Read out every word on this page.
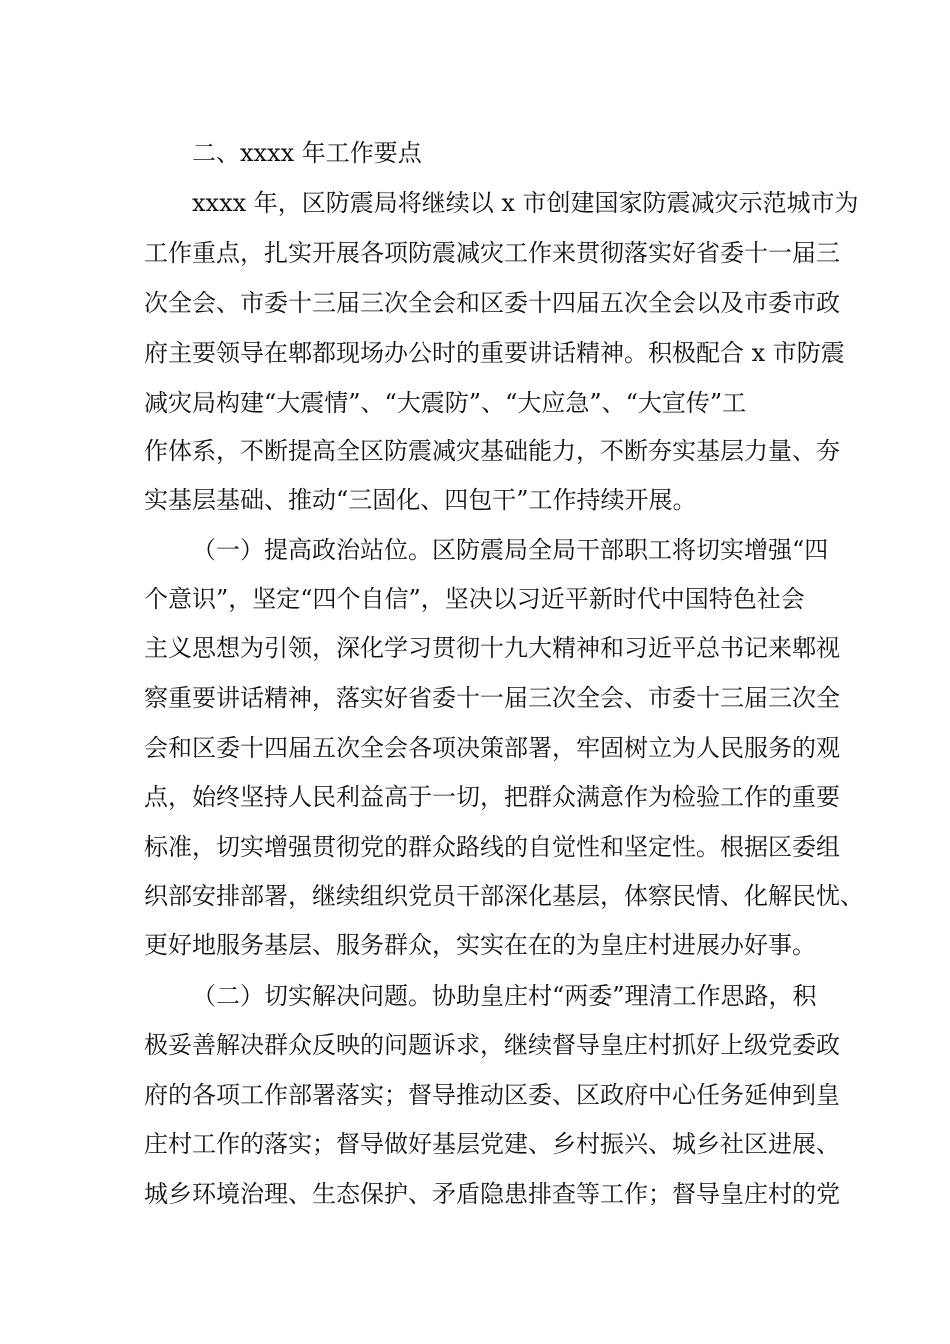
二、xxxx 年工作要点
xxxx 年，区防震局将继续以 x 市创建国家防震减灾示范城市为
工作重点，扎实开展各项防震减灾工作来贯彻落实好省委十一届三
次全会、市委十三届三次全会和区委十四届五次全会以及市委市政
府主要领导在郫都现场办公时的重要讲话精神。积极配合 x 市防震
减灾局构建“大震情”、“大震防”、“大应急”、“大宣传”工
作体系，不断提高全区防震减灾基础能力，不断夯实基层力量、夯
实基层基础、推动“三固化、四包干”工作持续开展。
（一）提高政治站位。区防震局全局干部职工将切实增强“四
个意识”，坚定“四个自信”，坚决以习近平新时代中国特色社会
主义思想为引领，深化学习贯彻十九大精神和习近平总书记来郫视
察重要讲话精神，落实好省委十一届三次全会、市委十三届三次全
会和区委十四届五次全会各项决策部署，牢固树立为人民服务的观
点，始终坚持人民利益高于一切，把群众满意作为检验工作的重要
标准，切实增强贯彻党的群众路线的自觉性和坚定性。根据区委组
织部安排部署，继续组织党员干部深化基层，体察民情、化解民忧、
更好地服务基层、服务群众，实实在在的为皇庄村进展办好事。
（二）切实解决问题。协助皇庄村“两委”理清工作思路，积
极妥善解决群众反映的问题诉求，继续督导皇庄村抓好上级党委政
府的各项工作部署落实；督导推动区委、区政府中心任务延伸到皇
庄村工作的落实；督导做好基层党建、乡村振兴、城乡社区进展、
城乡环境治理、生态保护、矛盾隐患排查等工作；督导皇庄村的党
